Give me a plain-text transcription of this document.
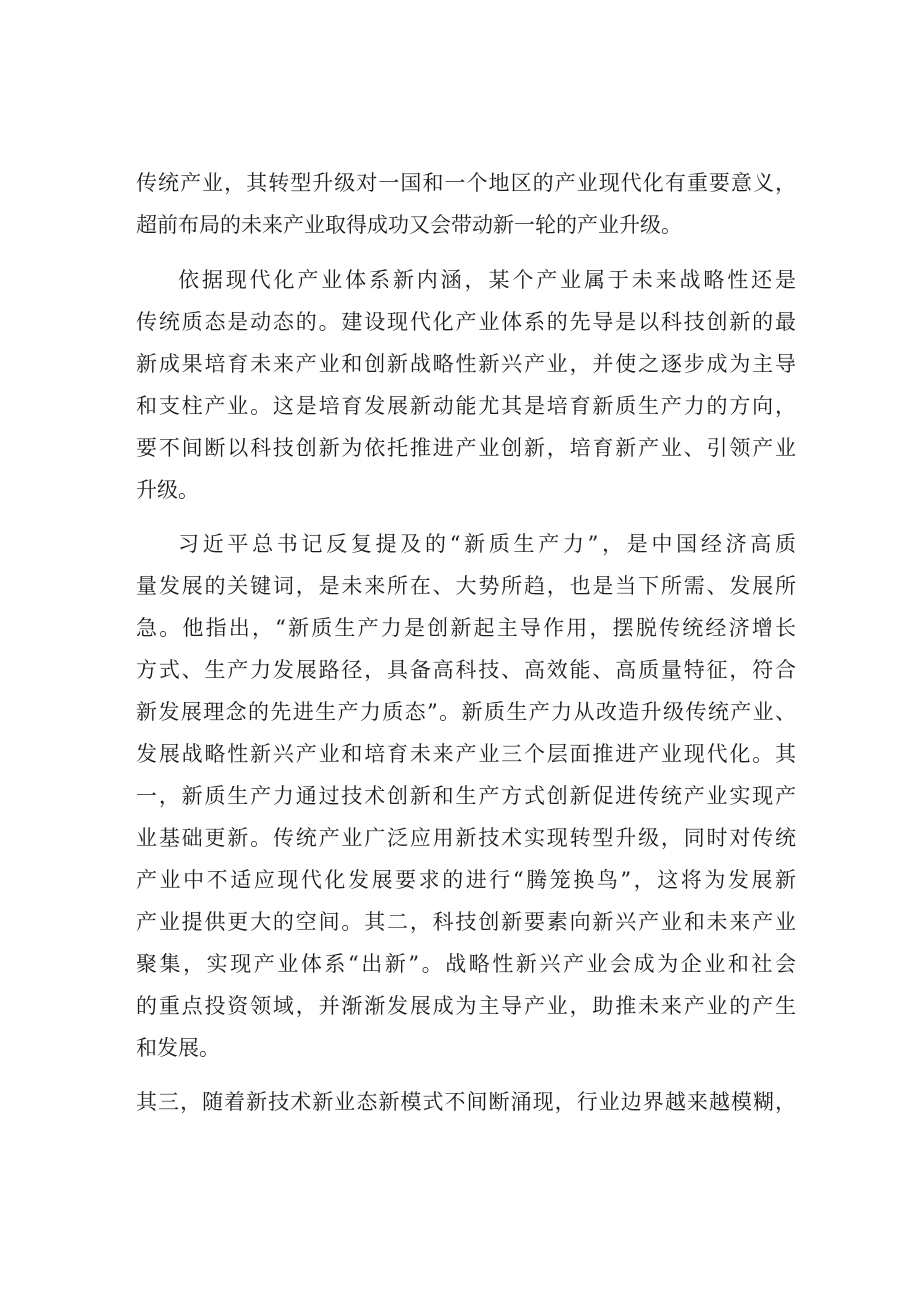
传统产业，其转型升级对一国和一个地区的产业现代化有重要意义，
超前布局的未来产业取得成功又会带动新一轮的产业升级。
依据现代化产业体系新内涵，某个产业属于未来战略性还是
传统质态是动态的。建设现代化产业体系的先导是以科技创新的最
新成果培育未来产业和创新战略性新兴产业，并使之逐步成为主导
和支柱产业。这是培育发展新动能尤其是培育新质生产力的方向，
要不间断以科技创新为依托推进产业创新，培育新产业、引领产业
升级。
习近平总书记反复提及的“新质生产力”，是中国经济高质
量发展的关键词，是未来所在、大势所趋，也是当下所需、发展所
急。他指出，“新质生产力是创新起主导作用，摆脱传统经济增长
方式、生产力发展路径，具备高科技、高效能、高质量特征，符合
新发展理念的先进生产力质态”。新质生产力从改造升级传统产业、
发展战略性新兴产业和培育未来产业三个层面推进产业现代化。其
一，新质生产力通过技术创新和生产方式创新促进传统产业实现产
业基础更新。传统产业广泛应用新技术实现转型升级，同时对传统
产业中不适应现代化发展要求的进行“腾笼换鸟”，这将为发展新
产业提供更大的空间。其二，科技创新要素向新兴产业和未来产业
聚集，实现产业体系“出新”。战略性新兴产业会成为企业和社会
的重点投资领域，并渐渐发展成为主导产业，助推未来产业的产生
和发展。
其三，随着新技术新业态新模式不间断涌现，行业边界越来越模糊，
